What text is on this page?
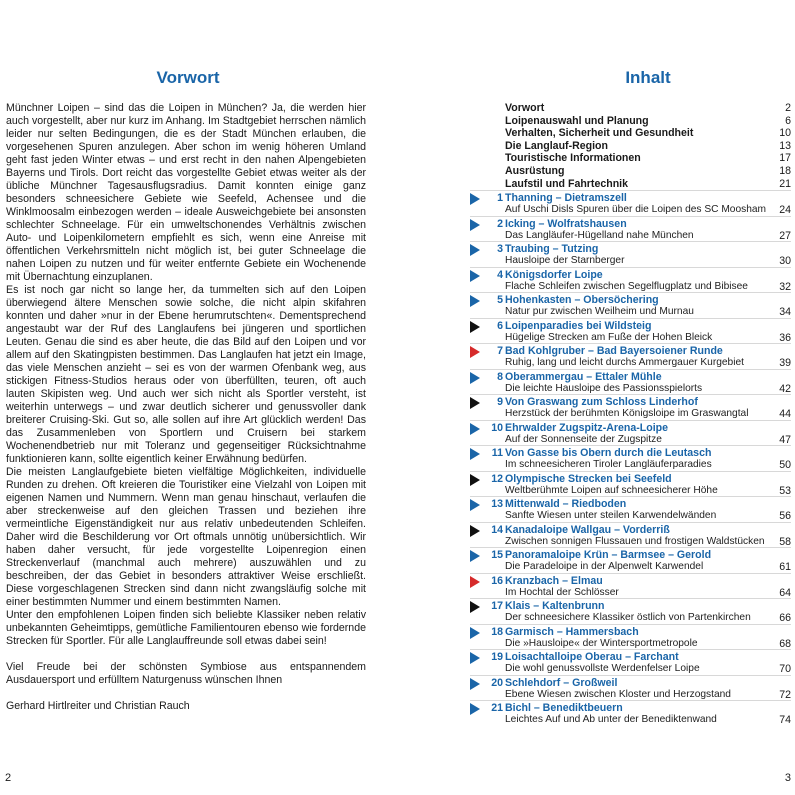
Vorwort

Münchner Loipen – sind das die Loipen in München? Ja, die werden hier auch vorgestellt, aber nur kurz im Anhang. Im Stadtgebiet herrschen nämlich leider nur selten Bedingungen, die es der Stadt München erlauben, die vorgesehenen Spuren anzulegen. Aber schon im wenig höheren Umland geht fast jeden Winter etwas – und erst recht in den nahen Alpengebieten Bayerns und Tirols. Dort reicht das vorgestellte Gebiet etwas weiter als der übliche Münchner Tagesausflugsradius. Damit konnten einige ganz besonders schneesichere Gebiete wie Seefeld, Achensee und die Winklmoosalm einbezogen werden – ideale Ausweichgebiete bei ansonsten schlechter Schneelage. Für ein umweltschonendes Verhältnis zwischen Auto- und Loipenkilometern empfiehlt es sich, wenn eine Anreise mit öffentlichen Verkehrsmitteln nicht möglich ist, bei guter Schneelage die nahen Loipen zu nutzen und für weiter entfernte Gebiete ein Wochenende mit Übernachtung einzuplanen.

Es ist noch gar nicht so lange her, da tummelten sich auf den Loipen überwiegend ältere Menschen sowie solche, die nicht alpin skifahren konnten und daher »nur in der Ebene herumrutschten«. Dementsprechend angestaubt war der Ruf des Langlaufens bei jüngeren und sportlichen Leuten. Genau die sind es aber heute, die das Bild auf den Loipen und vor allem auf den Skatingpisten bestimmen. Das Langlaufen hat jetzt ein Image, das viele Menschen anzieht – sei es von der warmen Ofenbank weg, aus stickigen Fitness-Studios heraus oder von überfüllten, teuren, oft auch lauten Skipisten weg. Und auch wer sich nicht als Sportler versteht, ist weiterhin unterwegs – und zwar deutlich sicherer und genussvoller dank breiterer Cruising-Ski. Gut so, alle sollen auf ihre Art glücklich werden! Das das Zusammenleben von Sportlern und Cruisern bei starkem Wochenendbetrieb nur mit Toleranz und gegenseitiger Rücksichtnahme funktionieren kann, sollte eigentlich keiner Erwähnung bedürfen.

Die meisten Langlaufgebiete bieten vielfältige Möglichkeiten, individuelle Runden zu drehen. Oft kreieren die Touristiker eine Vielzahl von Loipen mit eigenen Namen und Nummern. Wenn man genau hinschaut, verlaufen die aber streckenweise auf den gleichen Trassen und beziehen ihre vermeintliche Eigenständigkeit nur aus relativ unbedeutenden Schleifen. Daher wird die Beschilderung vor Ort oftmals unnötig unübersichtlich. Wir haben daher versucht, für jede vorgestellte Loipenregion einen Streckenverlauf (manchmal auch mehrere) auszuwählen und zu beschreiben, der das Gebiet in besonders attraktiver Weise erschließt. Diese vorgeschlagenen Strecken sind dann nicht zwangsläufig solche mit einer bestimmten Nummer und einem bestimmten Namen.

Unter den empfohlenen Loipen finden sich beliebte Klassiker neben relativ unbekannten Geheimtipps, gemütliche Familientouren ebenso wie fordernde Strecken für Sportler. Für alle Langlauffreunde soll etwas dabei sein!

Viel Freude bei der schönsten Symbiose aus entspannendem Ausdauersport und erfülltem Naturgenuss wünschen Ihnen

Gerhard Hirtlreiter und Christian Rauch

2
Inhalt
Vorwort	2
Loipenauswahl und Planung	6
Verhalten, Sicherheit und Gesundheit	10
Die Langlauf-Region	13
Touristische Informationen	17
Ausrüstung	18
Laufstil und Fahrtechnik	21
1 Thanning – Dietramszell
Auf Uschi Disls Spuren über die Loipen des SC Moosham 24
2 Icking – Wolfratshausen
Das Langläufer-Hügelland nahe München	27
3 Traubing – Tutzing
Hausloipe der Starnberger	30
4 Königsdorfer Loipe
Flache Schleifen zwischen Segelflugplatz und Bibisee	32
5 Hohenkasten – Obersöchering
Natur pur zwischen Weilheim und Murnau	34
6 Loipenparadies bei Wildsteig
Hügelige Strecken am Fuße der Hohen Bleick	36
7 Bad Kohlgruber – Bad Bayersoiener Runde
Ruhig, lang und leicht durchs Ammergauer Kurgebiet	39
8 Oberammergau – Ettaler Mühle
Die leichte Hausloipe des Passionsspielorts	42
9 Von Graswang zum Schloss Linderhof
Herzstück der berühmten Königsloipe im Graswangtal	44
10 Ehrwalder Zugspitz-Arena-Loipe
Auf der Sonnenseite der Zugspitze	47
11 Von Gasse bis Obern durch die Leutasch
Im schneesicheren Tiroler Langläuferparadies	50
12 Olympische Strecken bei Seefeld
Weltberühmte Loipen auf schneesicherer Höhe	53
13 Mittenwald – Riedboden
Sanfte Wiesen unter steilen Karwendelwänden	56
14 Kanadaloipe Wallgau – Vorderriß
Zwischen sonnigen Flussauen und frostigen Waldstücken 58
15 Panoramaloipe Krün – Barmsee – Gerold
Die Paradeloipe in der Alpenwelt Karwendel	61
16 Kranzbach – Elmau
Im Hochtal der Schlösser	64
17 Klais – Kaltenbrunn
Der schneesichere Klassiker östlich von Partenkirchen	66
18 Garmisch – Hammersbach
Die »Hausloipe« der Wintersportmetropole	68
19 Loisachtalloipe Oberau – Farchant
Die wohl genussvollste Werdenfelser Loipe	70
20 Schlehdorf – Großweil
Ebene Wiesen zwischen Kloster und Herzogstand	72
21 Bichl – Benediktbeuern
Leichtes Auf und Ab unter der Benediktenwand	74
3
